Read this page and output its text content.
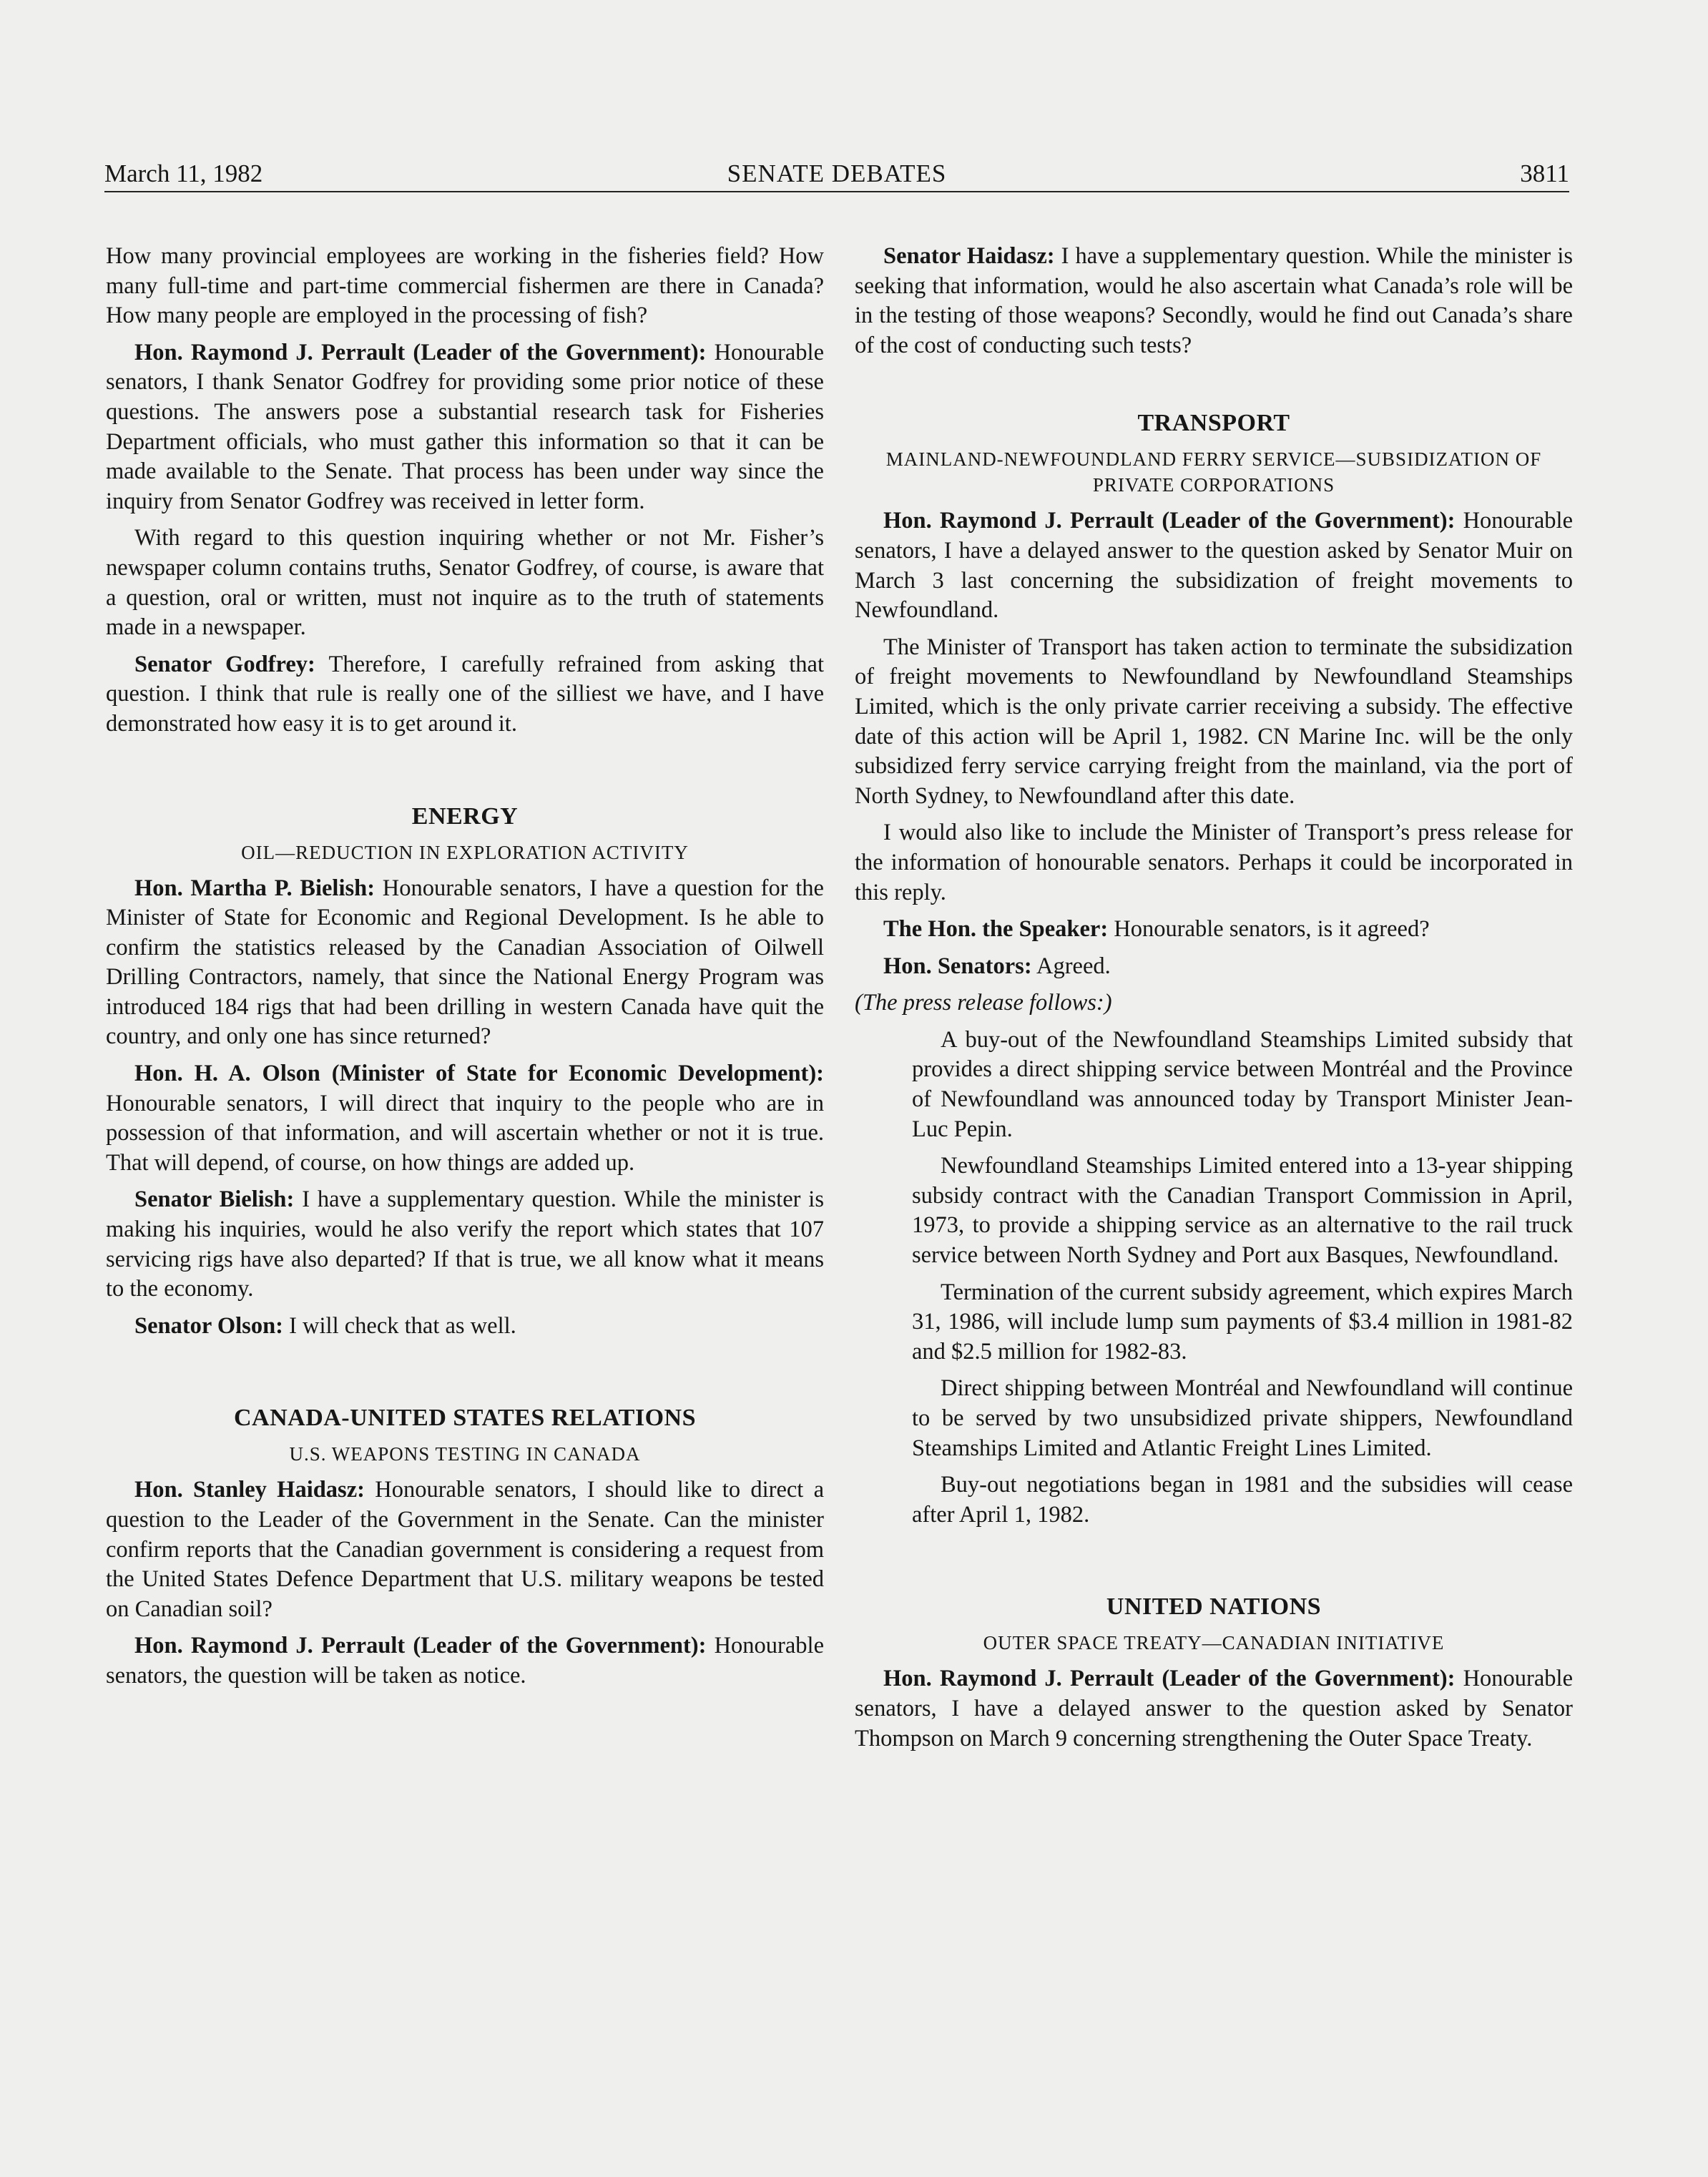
March 11, 1982	SENATE DEBATES	3811

How many provincial employees are working in the fisheries field? How many full-time and part-time commercial fishermen are there in Canada? How many people are employed in the processing of fish?

Hon. Raymond J. Perrault (Leader of the Government): Honourable senators, I thank Senator Godfrey for providing some prior notice of these questions. The answers pose a substantial research task for Fisheries Department officials, who must gather this information so that it can be made available to the Senate. That process has been under way since the inquiry from Senator Godfrey was received in letter form.

With regard to this question inquiring whether or not Mr. Fisher’s newspaper column contains truths, Senator Godfrey, of course, is aware that a question, oral or written, must not inquire as to the truth of statements made in a newspaper.

Senator Godfrey: Therefore, I carefully refrained from asking that question. I think that rule is really one of the silliest we have, and I have demonstrated how easy it is to get around it.

ENERGY
OIL—REDUCTION IN EXPLORATION ACTIVITY

Hon. Martha P. Bielish: Honourable senators, I have a question for the Minister of State for Economic and Regional Development. Is he able to confirm the statistics released by the Canadian Association of Oilwell Drilling Contractors, namely, that since the National Energy Program was introduced 184 rigs that had been drilling in western Canada have quit the country, and only one has since returned?

Hon. H. A. Olson (Minister of State for Economic Development): Honourable senators, I will direct that inquiry to the people who are in possession of that information, and will ascertain whether or not it is true. That will depend, of course, on how things are added up.

Senator Bielish: I have a supplementary question. While the minister is making his inquiries, would he also verify the report which states that 107 servicing rigs have also departed? If that is true, we all know what it means to the economy.

Senator Olson: I will check that as well.

CANADA-UNITED STATES RELATIONS
U.S. WEAPONS TESTING IN CANADA

Hon. Stanley Haidasz: Honourable senators, I should like to direct a question to the Leader of the Government in the Senate. Can the minister confirm reports that the Canadian government is considering a request from the United States Defence Department that U.S. military weapons be tested on Canadian soil?

Hon. Raymond J. Perrault (Leader of the Government): Honourable senators, the question will be taken as notice.

Senator Haidasz: I have a supplementary question. While the minister is seeking that information, would he also ascertain what Canada’s role will be in the testing of those weapons? Secondly, would he find out Canada’s share of the cost of conducting such tests?

TRANSPORT
MAINLAND-NEWFOUNDLAND FERRY SERVICE—SUBSIDIZATION OF PRIVATE CORPORATIONS

Hon. Raymond J. Perrault (Leader of the Government): Honourable senators, I have a delayed answer to the question asked by Senator Muir on March 3 last concerning the subsidization of freight movements to Newfoundland.

The Minister of Transport has taken action to terminate the subsidization of freight movements to Newfoundland by Newfoundland Steamships Limited, which is the only private carrier receiving a subsidy. The effective date of this action will be April 1, 1982. CN Marine Inc. will be the only subsidized ferry service carrying freight from the mainland, via the port of North Sydney, to Newfoundland after this date.

I would also like to include the Minister of Transport’s press release for the information of honourable senators. Perhaps it could be incorporated in this reply.

The Hon. the Speaker: Honourable senators, is it agreed?

Hon. Senators: Agreed.

(The press release follows:)

A buy-out of the Newfoundland Steamships Limited subsidy that provides a direct shipping service between Montréal and the Province of Newfoundland was announced today by Transport Minister Jean-Luc Pepin.

Newfoundland Steamships Limited entered into a 13-year shipping subsidy contract with the Canadian Transport Commission in April, 1973, to provide a shipping service as an alternative to the rail truck service between North Sydney and Port aux Basques, Newfoundland.

Termination of the current subsidy agreement, which expires March 31, 1986, will include lump sum payments of $3.4 million in 1981-82 and $2.5 million for 1982-83.

Direct shipping between Montréal and Newfoundland will continue to be served by two unsubsidized private shippers, Newfoundland Steamships Limited and Atlantic Freight Lines Limited.

Buy-out negotiations began in 1981 and the subsidies will cease after April 1, 1982.

UNITED NATIONS
OUTER SPACE TREATY—CANADIAN INITIATIVE

Hon. Raymond J. Perrault (Leader of the Government): Honourable senators, I have a delayed answer to the question asked by Senator Thompson on March 9 concerning strengthening the Outer Space Treaty.
